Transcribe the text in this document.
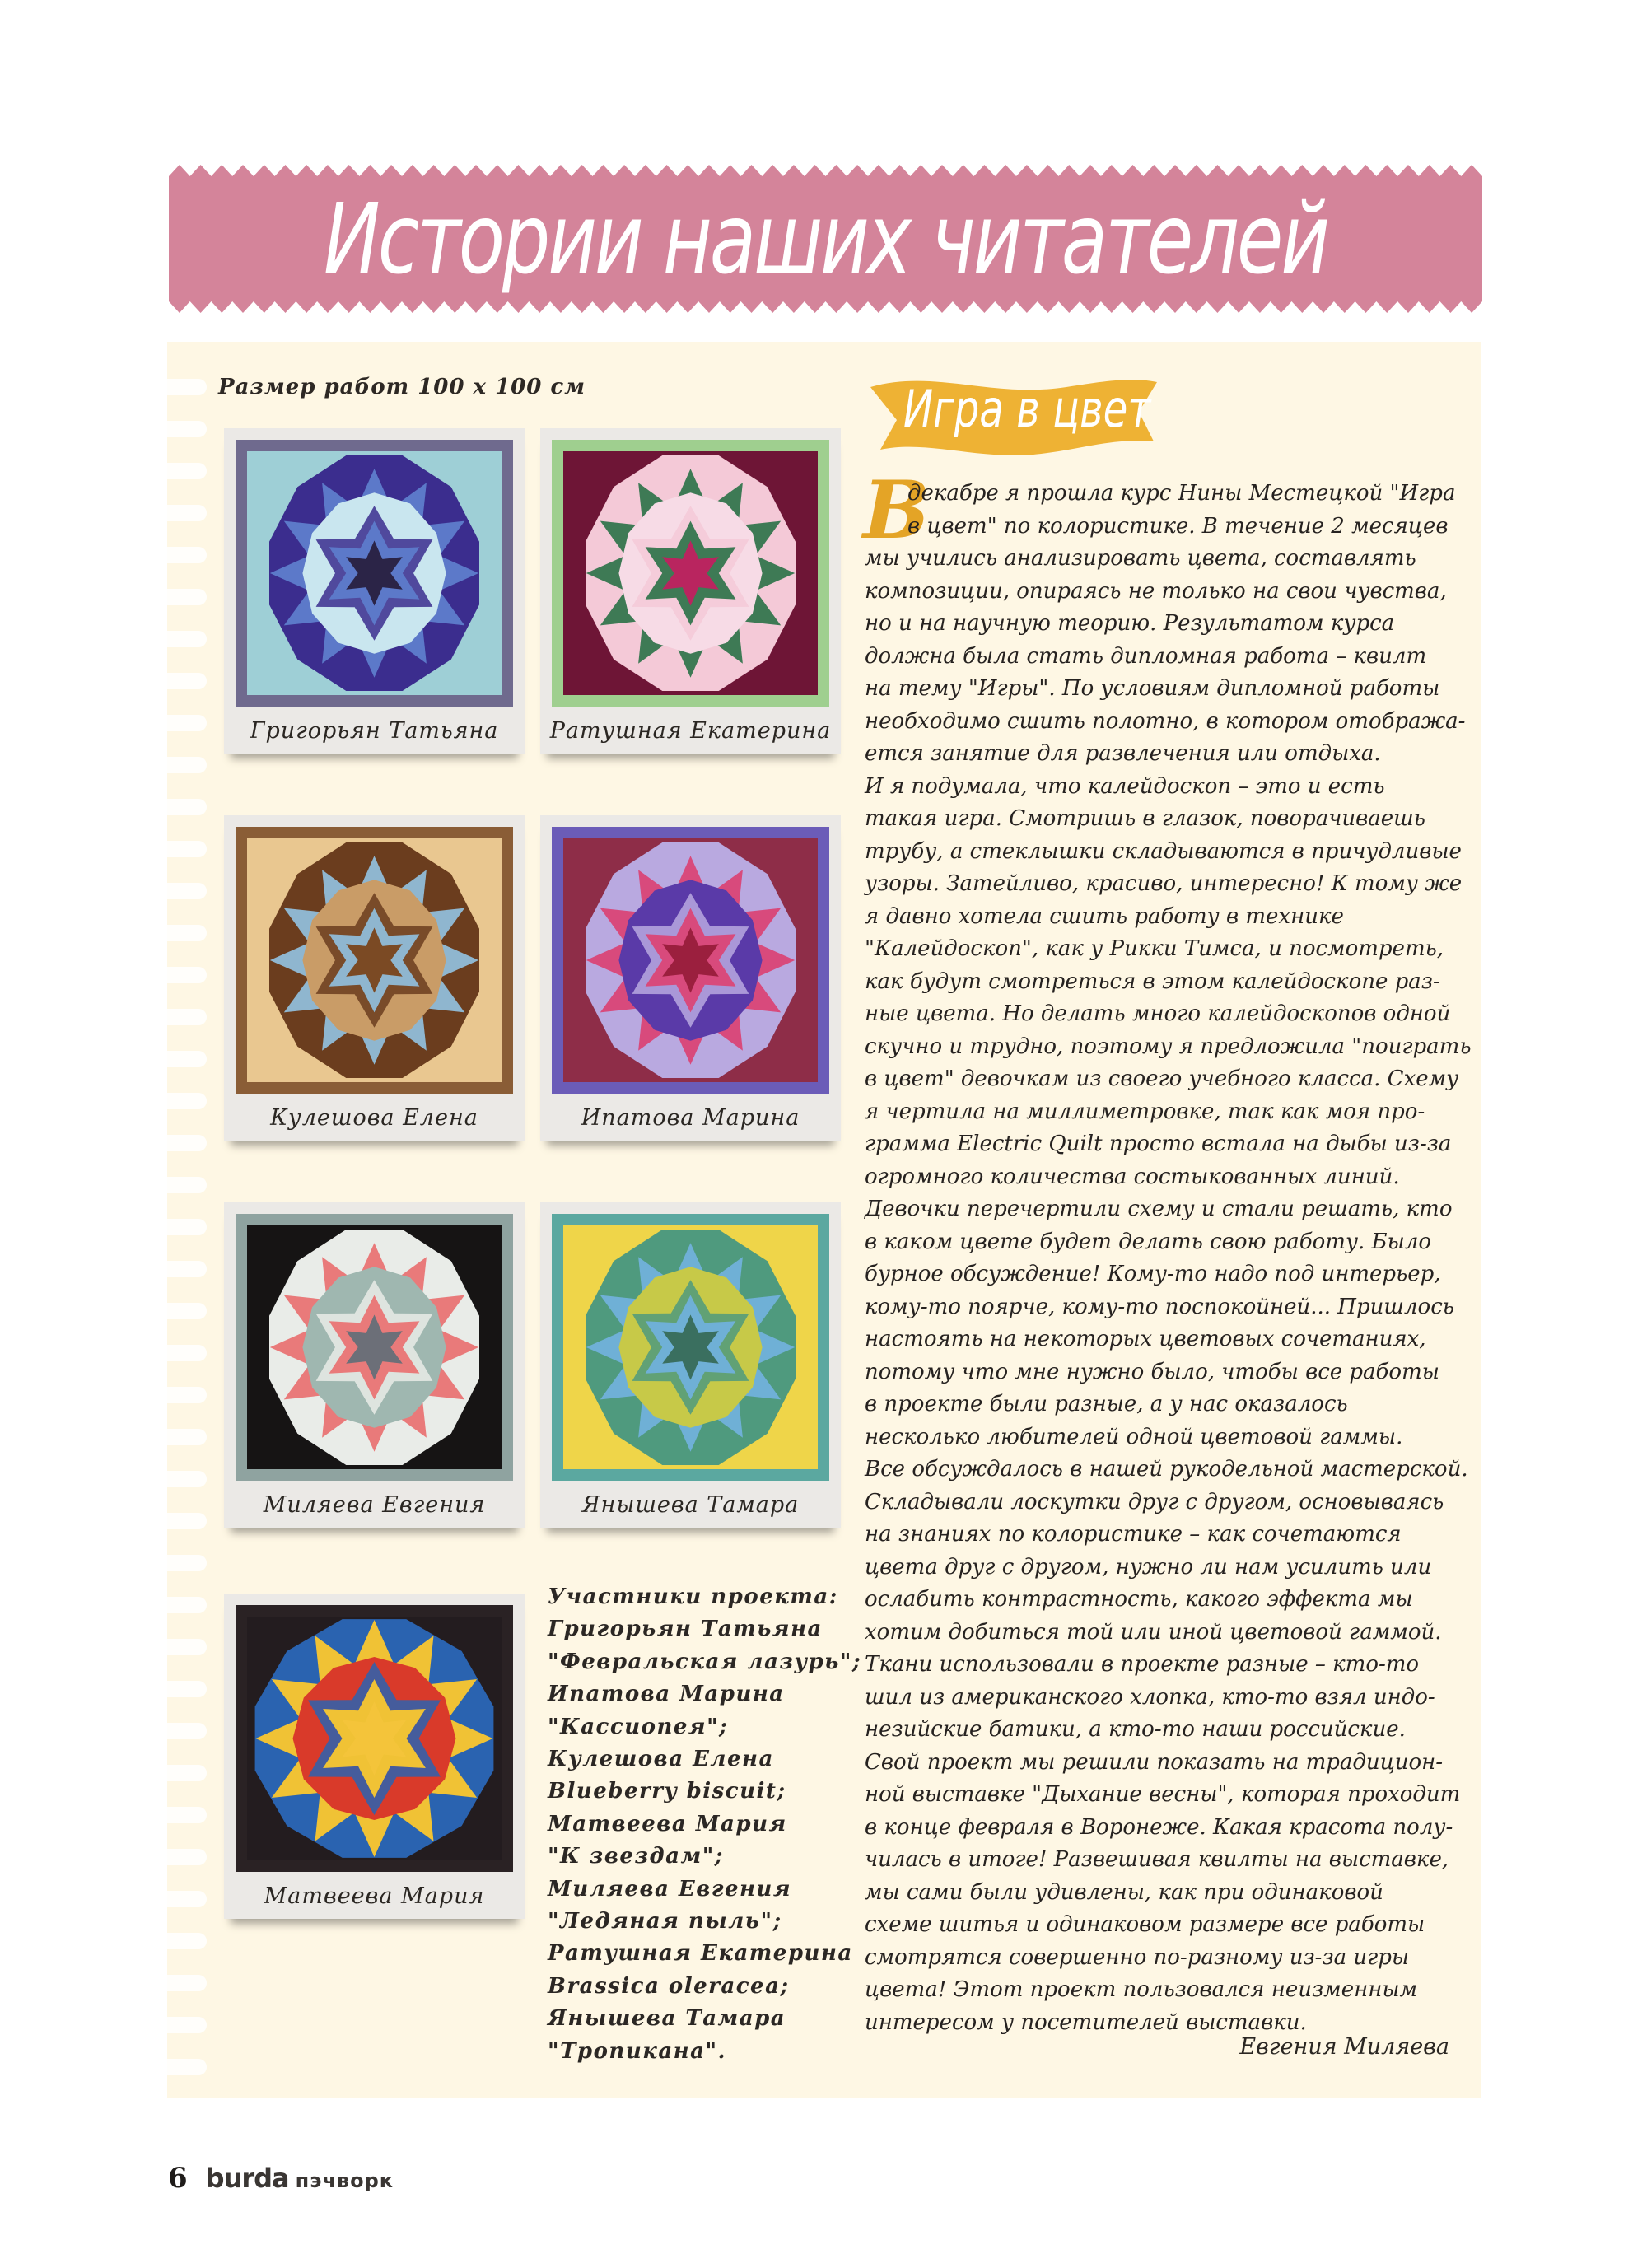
Истории наших читателей
Размер работ 100 х 100 см
Григорьян Татьяна	Ратушная Екатерина
Кулешова Елена	Ипатова Марина
Миляева Евгения	Янышева Тамара
Матвеева Мария
Участники проекта:
Григорьян Татьяна
"Февральская лазурь";
Ипатова Марина
"Кассиопея";
Кулешова Елена
Blueberry biscuit;
Матвеева Мария
"К звездам";
Миляева Евгения
"Ледяная пыль";
Ратушная Екатерина
Brassica oleracea;
Янышева Тамара
"Тропикана".
Игра в цвет
В
декабре я прошла курс Нины Местецкой "Игра
в цвет" по колористике. В течение 2 месяцев
мы учились анализировать цвета, составлять
композиции, опираясь не только на свои чувства,
но и на научную теорию. Результатом курса
должна была стать дипломная работа – квилт
на тему "Игры". По условиям дипломной работы
необходимо сшить полотно, в котором отобража-
ется занятие для развлечения или отдыха.
И я подумала, что калейдоскоп – это и есть
такая игра. Смотришь в глазок, поворачиваешь
трубу, а стеклышки складываются в причудливые
узоры. Затейливо, красиво, интересно! К тому же
я давно хотела сшить работу в технике
"Калейдоскоп", как у Рикки Тимса, и посмотреть,
как будут смотреться в этом калейдоскопе раз-
ные цвета. Но делать много калейдоскопов одной
скучно и трудно, поэтому я предложила "поиграть
в цвет" девочкам из своего учебного класса. Схему
я чертила на миллиметровке, так как моя про-
грамма Electric Quilt просто встала на дыбы из-за
огромного количества состыкованных линий.
Девочки перечертили схему и стали решать, кто
в каком цвете будет делать свою работу. Было
бурное обсуждение! Кому-то надо под интерьер,
кому-то поярче, кому-то поспокойней... Пришлось
настоять на некоторых цветовых сочетаниях,
потому что мне нужно было, чтобы все работы
в проекте были разные, а у нас оказалось
несколько любителей одной цветовой гаммы.
Все обсуждалось в нашей рукодельной мастерской.
Складывали лоскутки друг с другом, основываясь
на знаниях по колористике – как сочетаются
цвета друг с другом, нужно ли нам усилить или
ослабить контрастность, какого эффекта мы
хотим добиться той или иной цветовой гаммой.
Ткани использовали в проекте разные – кто-то
шил из американского хлопка, кто-то взял индо-
незийские батики, а кто-то наши российские.
Свой проект мы решили показать на традицион-
ной выставке "Дыхание весны", которая проходит
в конце февраля в Воронеже. Какая красота полу-
чилась в итоге! Развешивая квилты на выставке,
мы сами были удивлены, как при одинаковой
схеме шитья и одинаковом размере все работы
смотрятся совершенно по-разному из-за игры
цвета! Этот проект пользовался неизменным
интересом у посетителей выставки.
Евгения Миляева
6 burda пэчворк
